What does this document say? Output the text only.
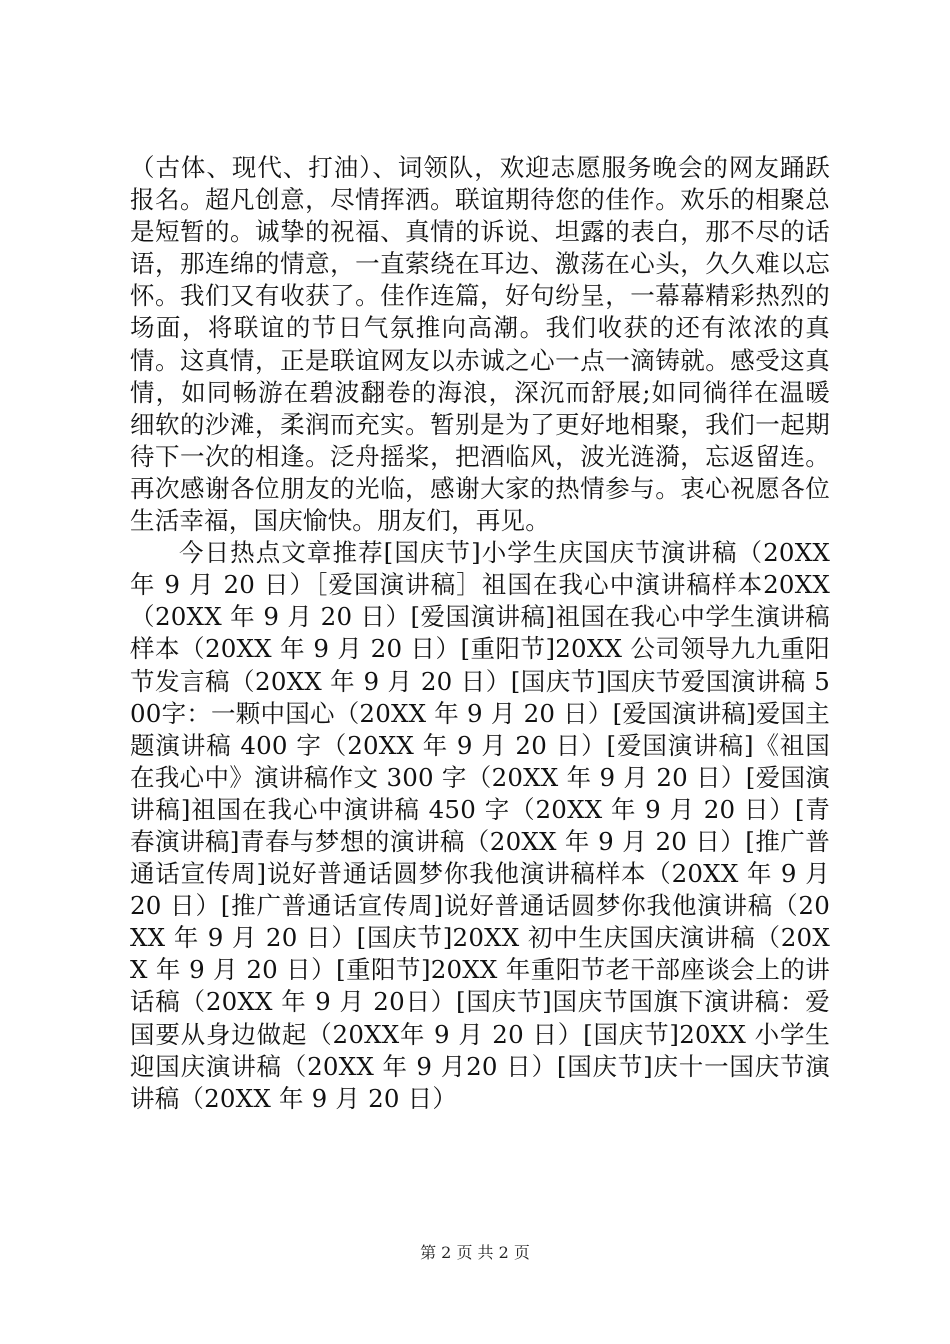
（古体、现代、打油）、词领队，欢迎志愿服务晚会的网友踊跃报名。超凡创意，尽情挥洒。联谊期待您的佳作。欢乐的相聚总是短暂的。诚挚的祝福、真情的诉说、坦露的表白，那不尽的话语，那连绵的情意，一直萦绕在耳边、激荡在心头，久久难以忘怀。我们又有收获了。佳作连篇，好句纷呈，一幕幕精彩热烈的场面，将联谊的节日气氛推向高潮。我们收获的还有浓浓的真情。这真情，正是联谊网友以赤诚之心一点一滴铸就。感受这真情，如同畅游在碧波翻卷的海浪，深沉而舒展;如同徜徉在温暖细软的沙滩，柔润而充实。暂别是为了更好地相聚，我们一起期待下一次的相逢。泛舟摇桨，把酒临风，波光涟漪，忘返留连。再次感谢各位朋友的光临，感谢大家的热情参与。衷心祝愿各位生活幸福，国庆愉快。朋友们，再见。

今日热点文章推荐[国庆节]小学生庆国庆节演讲稿（20XX 年 9 月 20 日）［爱国演讲稿］祖国在我心中演讲稿样本20XX（20XX 年 9 月 20 日）[爱国演讲稿]祖国在我心中学生演讲稿样本（20XX 年 9 月 20 日）[重阳节]20XX 公司领导九九重阳节发言稿（20XX 年 9 月 20 日）[国庆节]国庆节爱国演讲稿 500字：一颗中国心（20XX 年 9 月 20 日）[爱国演讲稿]爱国主题演讲稿 400 字（20XX 年 9 月 20 日）[爱国演讲稿]《祖国在我心中》演讲稿作文 300 字（20XX 年 9 月 20 日）[爱国演讲稿]祖国在我心中演讲稿 450 字（20XX 年 9 月 20 日）[青春演讲稿]青春与梦想的演讲稿（20XX 年 9 月 20 日）[推广普通话宣传周]说好普通话圆梦你我他演讲稿样本（20XX 年 9 月 20 日）[推广普通话宣传周]说好普通话圆梦你我他演讲稿（20XX 年 9 月 20 日）[国庆节]20XX 初中生庆国庆演讲稿（20XX 年 9 月 20 日）[重阳节]20XX 年重阳节老干部座谈会上的讲话稿（20XX 年 9 月 20日）[国庆节]国庆节国旗下演讲稿：爱国要从身边做起（20XX年 9 月 20 日）[国庆节]20XX 小学生迎国庆演讲稿（20XX 年 9 月20 日）[国庆节]庆十一国庆节演讲稿（20XX 年 9 月 20 日）

第 2 页 共 2 页
